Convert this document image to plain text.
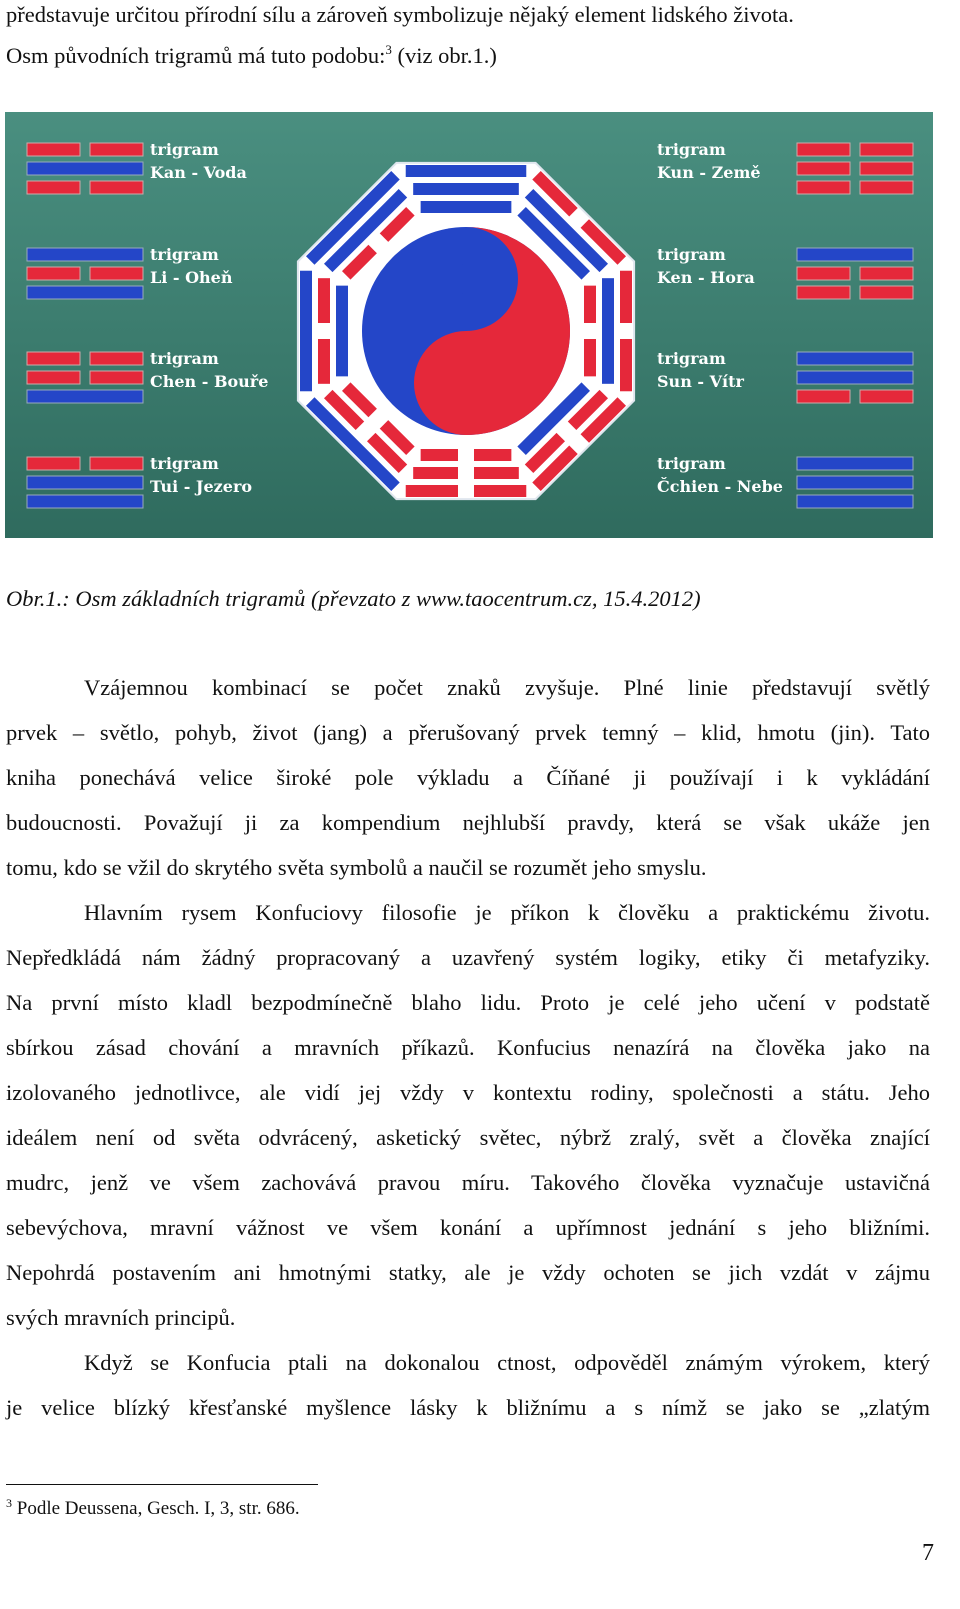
představuje určitou přírodní sílu a zároveň symbolizuje nějaký element lidského života.
Osm původních trigramů má tuto podobu:$^3$ (viz obr.1.)
trigram
Kan - Voda
trigram
Li - Oheň
trigram
Chen - Bouře
trigram
Tui - Jezero
trigram
Kun - Země
trigram
Ken - Hora
trigram
Sun - Vítr
trigram
Čchien - Nebe
Obr.1.: Osm základních trigramů (převzato z www.taocentrum.cz, 15.4.2012)
Vzájemnou kombinací se počet znaků zvyšuje. Plné linie představují světlý
prvek – světlo, pohyb, život (jang) a přerušovaný prvek temný – klid, hmotu (jin). Tato
kniha ponechává velice široké pole výkladu a Číňané ji používají i k vykládání
budoucnosti. Považují ji za kompendium nejhlubší pravdy, která se však ukáže jen
tomu, kdo se vžil do skrytého světa symbolů a naučil se rozumět jeho smyslu.
Hlavním rysem Konfuciovy filosofie je příkon k člověku a praktickému životu.
Nepředkládá nám žádný propracovaný a uzavřený systém logiky, etiky či metafyziky.
Na první místo kladl bezpodmínečně blaho lidu. Proto je celé jeho učení v podstatě
sbírkou zásad chování a mravních příkazů. Konfucius nenazírá na člověka jako na
izolovaného jednotlivce, ale vidí jej vždy v kontextu rodiny, společnosti a státu. Jeho
ideálem není od světa odvrácený, asketický světec, nýbrž zralý, svět a člověka znající
mudrc, jenž ve všem zachovává pravou míru. Takového člověka vyznačuje ustavičná
sebevýchova, mravní vážnost ve všem konání a upřímnost jednání s jeho bližními.
Nepohrdá postavením ani hmotnými statky, ale je vždy ochoten se jich vzdát v zájmu
svých mravních principů.
Když se Konfucia ptali na dokonalou ctnost, odpověděl známým výrokem, který
je velice blízký křesťanské myšlence lásky k bližnímu a s nímž se jako se „zlatým
$^3$ Podle Deussena, Gesch. I, 3, str. 686.
7
